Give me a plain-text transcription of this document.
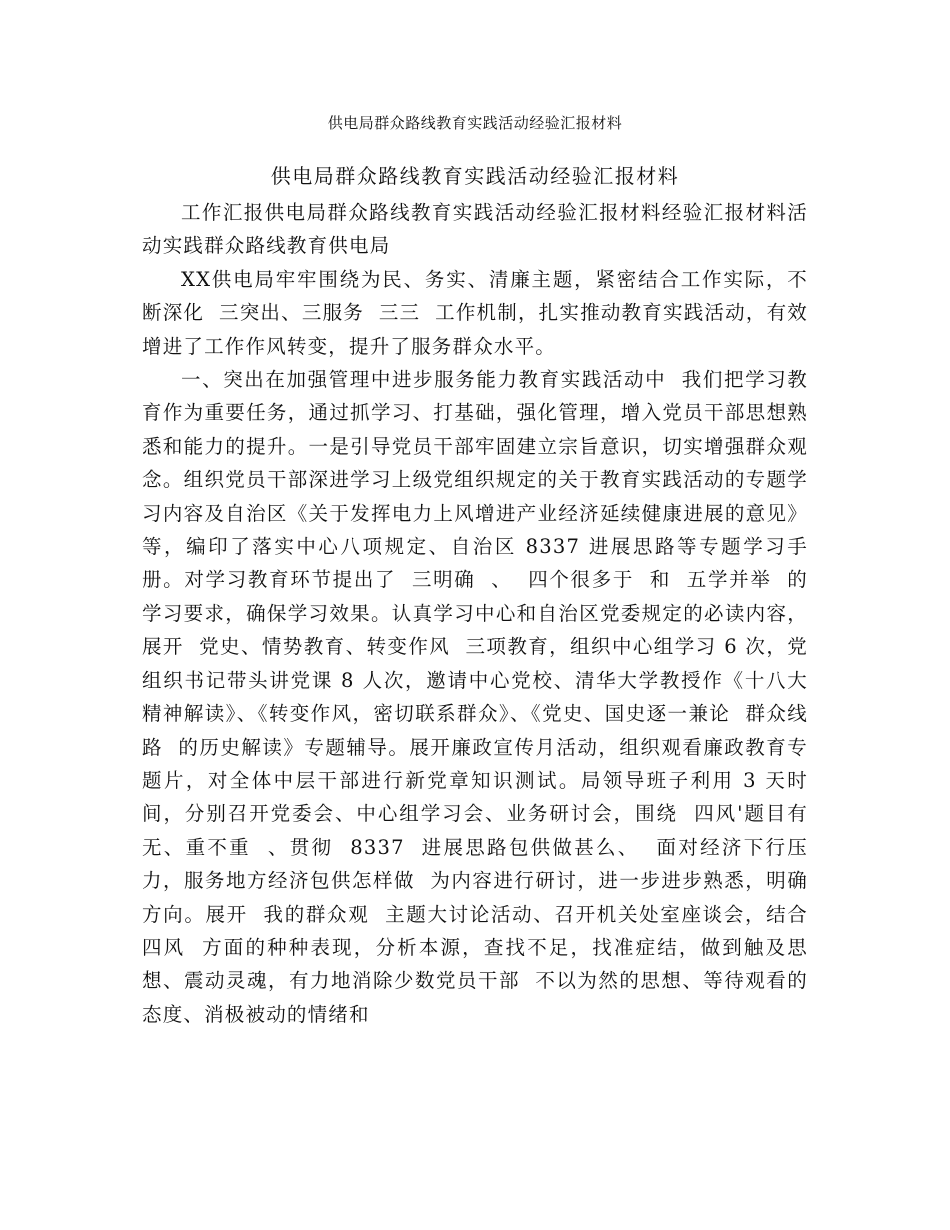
供电局群众路线教育实践活动经验汇报材料
供电局群众路线教育实践活动经验汇报材料

工作汇报供电局群众路线教育实践活动经验汇报材料经验汇报材料活动实践群众路线教育供电局

XX供电局牢牢围绕为民、务实、清廉主题，紧密结合工作实际，不断深化  三突出、三服务  三三  工作机制，扎实推动教育实践活动，有效增进了工作作风转变，提升了服务群众水平。

一、突出在加强管理中进步服务能力教育实践活动中  我们把学习教育作为重要任务，通过抓学习、打基础，强化管理，增入党员干部思想熟悉和能力的提升。一是引导党员干部牢固建立宗旨意识，切实增强群众观念。组织党员干部深进学习上级党组织规定的关于教育实践活动的专题学习内容及自治区《关于发挥电力上风增进产业经济延续健康进展的意见》等，编印了落实中心八项规定、自治区 8337 进展思路等专题学习手册。对学习教育环节提出了  三明确  、  四个很多于  和  五学并举  的学习要求，确保学习效果。认真学习中心和自治区党委规定的必读内容，展开  党史、情势教育、转变作风  三项教育，组织中心组学习 6 次，党组织书记带头讲党课 8 人次，邀请中心党校、清华大学教授作《十八大精神解读》、《转变作风，密切联系群众》、《党史、国史逐一兼论  群众线路  的历史解读》专题辅导。展开廉政宣传月活动，组织观看廉政教育专题片，对全体中层干部进行新党章知识测试。局领导班子利用 3 天时间，分别召开党委会、中心组学习会、业务研讨会，围绕  四风'题目有无、重不重  、贯彻  8337  进展思路包供做甚么、  面对经济下行压力，服务地方经济包供怎样做  为内容进行研讨，进一步进步熟悉，明确方向。展开  我的群众观  主题大讨论活动、召开机关处室座谈会，结合  四风  方面的种种表现，分析本源，查找不足，找准症结，做到触及思想、震动灵魂，有力地消除少数党员干部  不以为然的思想、等待观看的态度、消极被动的情绪和
